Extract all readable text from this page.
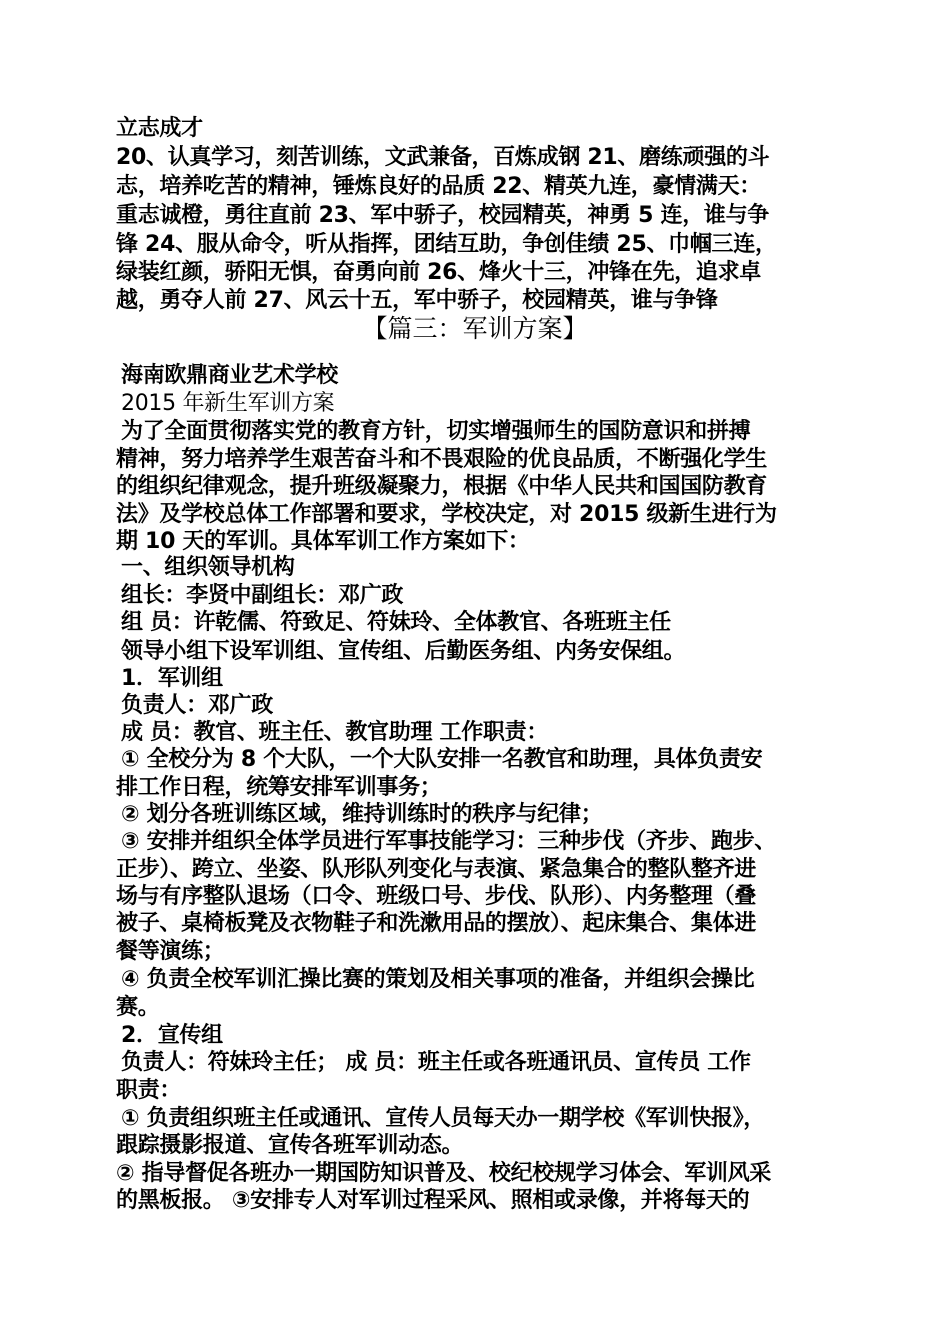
立志成才
20、认真学习，刻苦训练，文武兼备，百炼成钢 21、磨练顽强的斗
志，培养吃苦的精神，锤炼良好的品质 22、精英九连，豪情满天：
重志诚橙，勇往直前 23、军中骄子，校园精英，神勇 5 连，谁与争
锋 24、服从命令，听从指挥，团结互助，争创佳绩 25、巾帼三连，
绿装红颜，骄阳无惧，奋勇向前 26、烽火十三，冲锋在先，追求卓
越，勇夺人前 27、风云十五，军中骄子，校园精英，谁与争锋
【篇三：军训方案】
海南欧鼎商业艺术学校
2015 年新生军训方案
为了全面贯彻落实党的教育方针，切实增强师生的国防意识和拼搏
精神，努力培养学生艰苦奋斗和不畏艰险的优良品质，不断强化学生
的组织纪律观念，提升班级凝聚力，根据《中华人民共和国国防教育
法》及学校总体工作部署和要求，学校决定，对 2015 级新生进行为
期 10 天的军训。具体军训工作方案如下：
一、组织领导机构
组长：李贤中副组长：邓广政
组 员：许乾儒、符致足、符妹玲、全体教官、各班班主任
领导小组下设军训组、宣传组、后勤医务组、内务安保组。
1．军训组
负责人：邓广政
成 员：教官、班主任、教官助理 工作职责：
① 全校分为 8 个大队，一个大队安排一名教官和助理，具体负责安
排工作日程，统筹安排军训事务；
② 划分各班训练区域，维持训练时的秩序与纪律；
③ 安排并组织全体学员进行军事技能学习：三种步伐（齐步、跑步、
正步）、跨立、坐姿、队形队列变化与表演、紧急集合的整队整齐进
场与有序整队退场（口令、班级口号、步伐、队形）、内务整理（叠
被子、桌椅板凳及衣物鞋子和洗漱用品的摆放）、起床集合、集体进
餐等演练；
④ 负责全校军训汇操比赛的策划及相关事项的准备，并组织会操比
赛。
2．宣传组
负责人：符妹玲主任； 成 员：班主任或各班通讯员、宣传员 工作
职责：
① 负责组织班主任或通讯、宣传人员每天办一期学校《军训快报》，
跟踪摄影报道、宣传各班军训动态。
② 指导督促各班办一期国防知识普及、校纪校规学习体会、军训风采
的黑板报。 ③安排专人对军训过程采风、照相或录像，并将每天的
